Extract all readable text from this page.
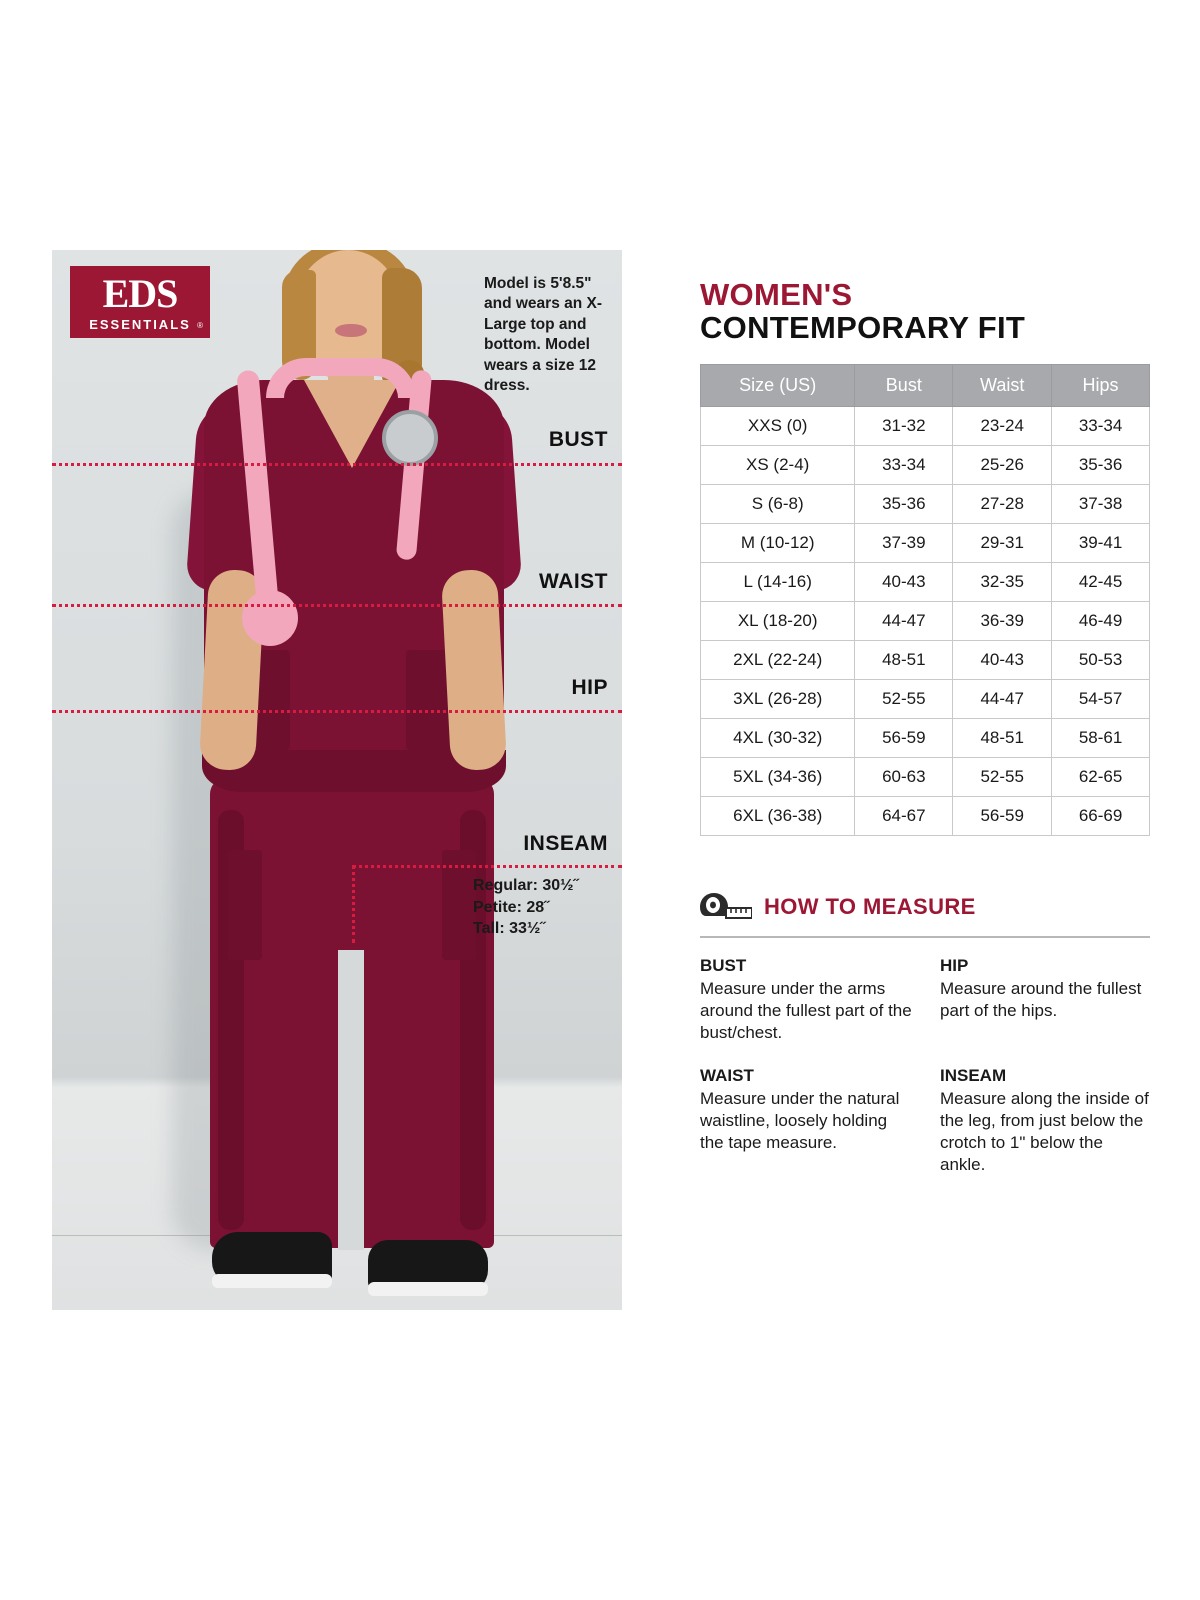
EDS
ESSENTIALS ®
Model is 5'8.5" and wears an X-Large top and bottom. Model wears a size 12 dress.
BUST
WAIST
HIP
INSEAM
Regular: 30½˝
Petite: 28˝
Tall: 33½˝
WOMEN'S
CONTEMPORARY FIT
Size (US)	Bust	Waist	Hips
XXS (0)	31-32	23-24	33-34
XS (2-4)	33-34	25-26	35-36
S (6-8)	35-36	27-28	37-38
M (10-12)	37-39	29-31	39-41
L (14-16)	40-43	32-35	42-45
XL (18-20)	44-47	36-39	46-49
2XL (22-24)	48-51	40-43	50-53
3XL (26-28)	52-55	44-47	54-57
4XL (30-32)	56-59	48-51	58-61
5XL (34-36)	60-63	52-55	62-65
6XL (36-38)	64-67	56-59	66-69
HOW TO MEASURE
BUST
Measure under the arms around the fullest part of the bust/chest.
HIP
Measure around the fullest part of the hips.
WAIST
Measure under the natural waistline, loosely holding the tape measure.
INSEAM
Measure along the inside of the leg, from just below the crotch to 1" below the ankle.
